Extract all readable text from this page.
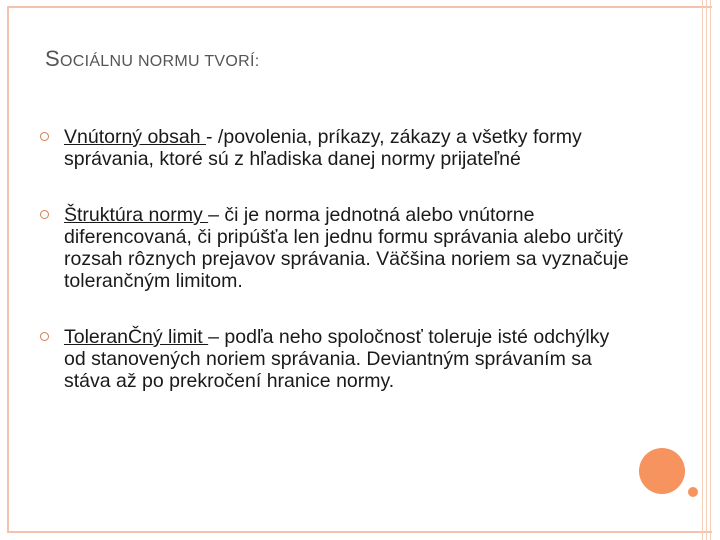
SOCIÁLNU NORMU TVORÍ:
Vnútorný obsah - /povolenia, príkazy, zákazy a všetky formy správania, ktoré sú z hľadiska danej normy prijateľné
Štruktúra normy – či je norma jednotná alebo vnútorne diferencovaná, či pripúšťa len jednu formu správania alebo určitý rozsah rôznych prejavov správania. Väčšina noriem sa vyznačuje tolerančným limitom.
ToleranČný limit – podľa neho spoločnosť toleruje isté odchýlky od stanovených noriem správania. Deviantným správaním sa stáva až po prekročení hranice normy.
